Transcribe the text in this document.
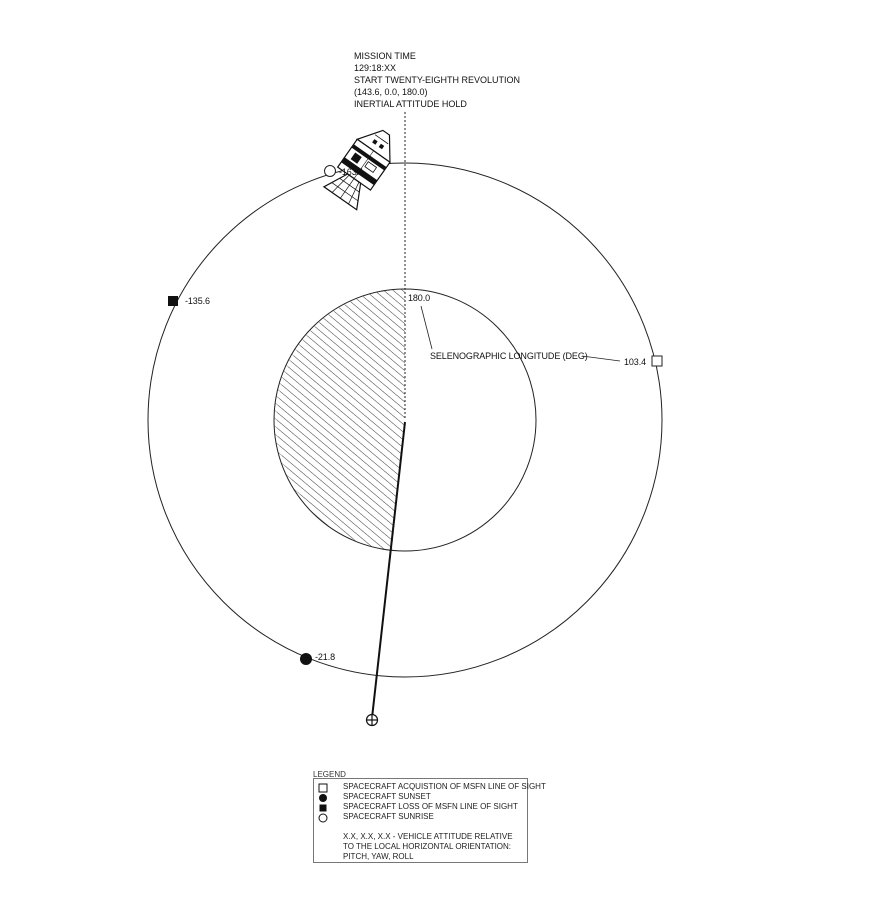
MISSION TIME
129:18:XX
START TWENTY-EIGHTH REVOLUTION
(143.6, 0.0, 180.0)
INERTIAL ATTITUDE HOLD
180.0
SELENOGRAPHIC LONGITUDE (DEG)
-163.1
-135.6
103.4
-21.8
LEGEND
SPACECRAFT ACQUISTION OF MSFN LINE OF SIGHT
SPACECRAFT SUNSET
SPACECRAFT LOSS OF MSFN LINE OF SIGHT
SPACECRAFT SUNRISE
X.X, X.X, X.X - VEHICLE ATTITUDE RELATIVE
TO THE LOCAL HORIZONTAL ORIENTATION:
PITCH, YAW, ROLL
